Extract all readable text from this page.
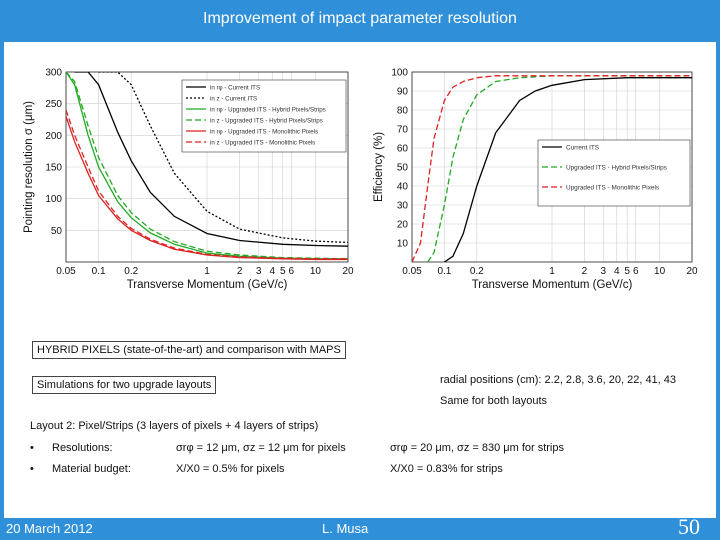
Improvement of impact parameter resolution
50
100
150
200
250
300
0.05 0.1 0.2	1	2 3 4 5 6 10 20
Transverse Momentum (GeV/c)
Pointing resolution σ (μm)
in rφ - Current ITS
in z - Current ITS
in rφ - Upgraded ITS - Hybrid Pixels/Strips
in z - Upgraded ITS - Hybrid Pixels/Strips
in rφ - Upgraded ITS - Monolithic Pixels
in z - Upgraded ITS - Monolithic Pixels
10
20
30
40
50
60
70
80
90
100
0.05 0.1 0.2	1	2 3 4 5 6 10 20
Transverse Momentum (GeV/c)
Efficiency (%)	Current ITS
Upgraded ITS - Hybrid Pixels/Strips
Upgraded ITS - Monolithic Pixels
HYBRID PIXELS (state-of-the-art) and comparison with MAPS
Simulations for two upgrade layouts	radial positions (cm): 2.2, 2.8, 3.6, 20, 22, 41, 43
Same for both layouts
Layout 2: Pixel/Strips (3 layers of pixels + 4 layers of strips)
• Resolutions:	σrφ = 12 μm, σz = 12 μm for pixels	σrφ = 20 μm, σz = 830 μm for strips
• Material budget:	X/X0 = 0.5% for pixels	X/X0 = 0.83% for strips
20 March 2012	L. Musa	50
